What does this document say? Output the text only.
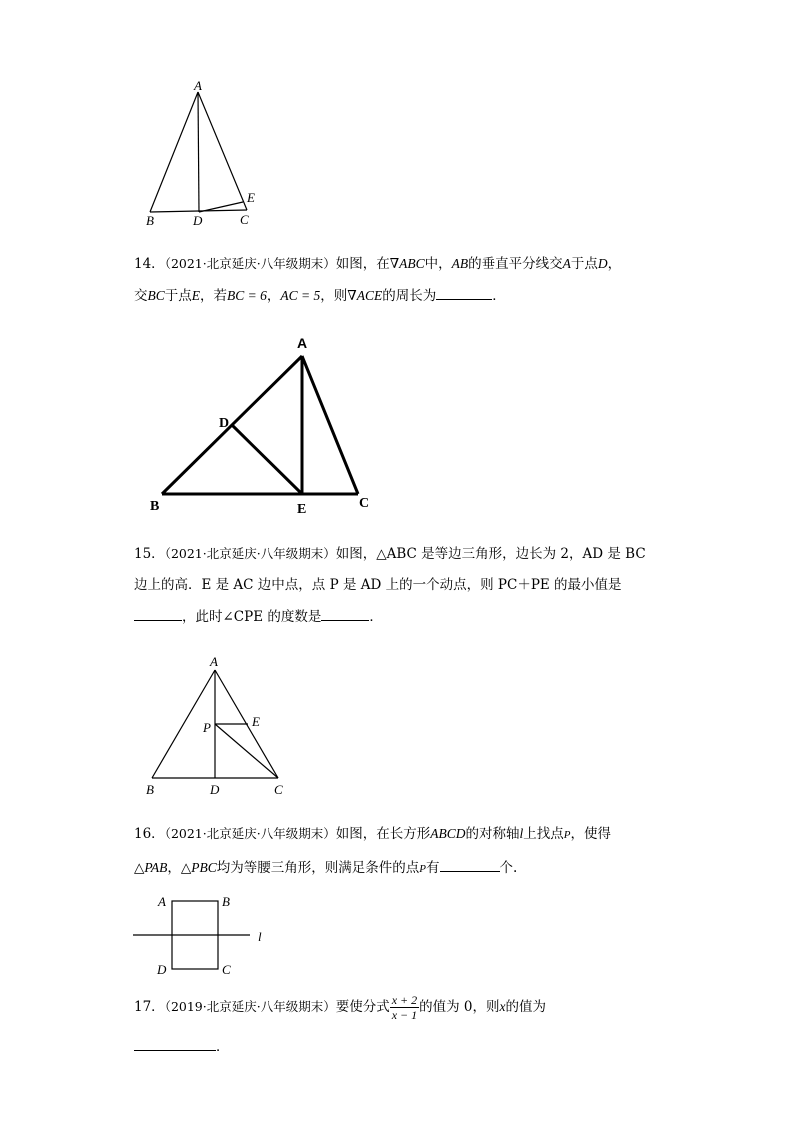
A
B	D	C
E
14．（2021·北京延庆·八年级期末）如图，在∇ABC中，AB的垂直平分线交A于点D，
交BC于点E，若BC = 6，AC = 5，则∇ACE的周长为	．
A
D
B	E	C
15．（2021·北京延庆·八年级期末）如图，△ABC 是等边三角形，边长为 2，AD 是 BC
边上的高．E 是 AC 边中点，点 P 是 AD 上的一个动点，则 PC＋PE 的最小值是
，此时∠CPE 的度数是	．
A
P	E
B	D	C
16．（2021·北京延庆·八年级期末）如图，在长方形ABCD的对称轴l上找点P，使得
△PAB，△PBC均为等腰三角形，则满足条件的点P有	个.
A	B
D	C
l
17．（2019·北京延庆·八年级期末）要使分式 $\frac{x + 2}{x - 1}$ 的值为 0，则x的值为
．
